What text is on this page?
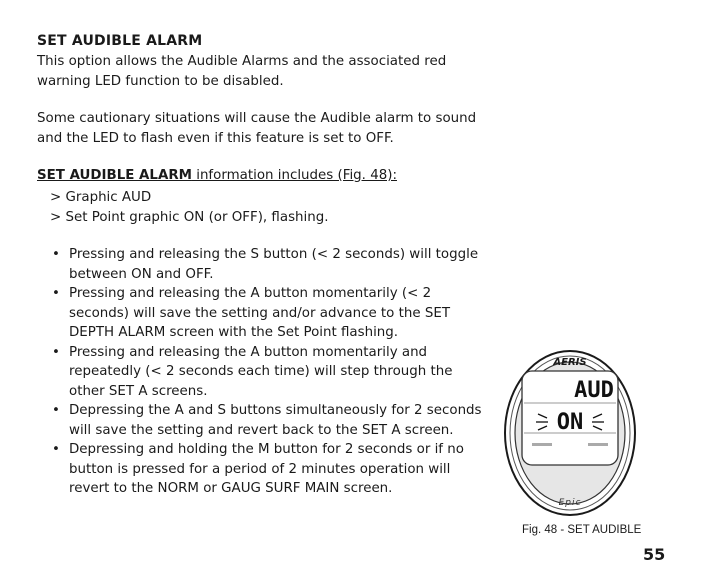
SET AUDIBLE ALARM
This option allows the Audible Alarms and the associated red warning LED function to be disabled.
Some cautionary situations will cause the Audible alarm to sound and the LED to flash even if this feature is set to OFF.
SET AUDIBLE ALARM information includes (Fig. 48):
> Graphic AUD
> Set Point graphic ON (or OFF), flashing.
• Pressing and releasing the S button (< 2 seconds) will toggle between ON and OFF.
• Pressing and releasing the A button momentarily (< 2 seconds) will save the setting and/or advance to the SET DEPTH ALARM screen with the Set Point flashing.
• Pressing and releasing the A button momentarily and repeatedly (< 2 seconds each time) will step through the other SET A screens.
• Depressing the A and S buttons simultaneously for 2 seconds will save the setting and revert back to the SET A screen.
• Depressing and holding the M button for 2 seconds or if no button is pressed for a period of 2 minutes operation will revert to the NORM or GAUG SURF MAIN screen.
AERIS
AUD
ON
Epic
Fig. 48 - SET AUDIBLE
55
